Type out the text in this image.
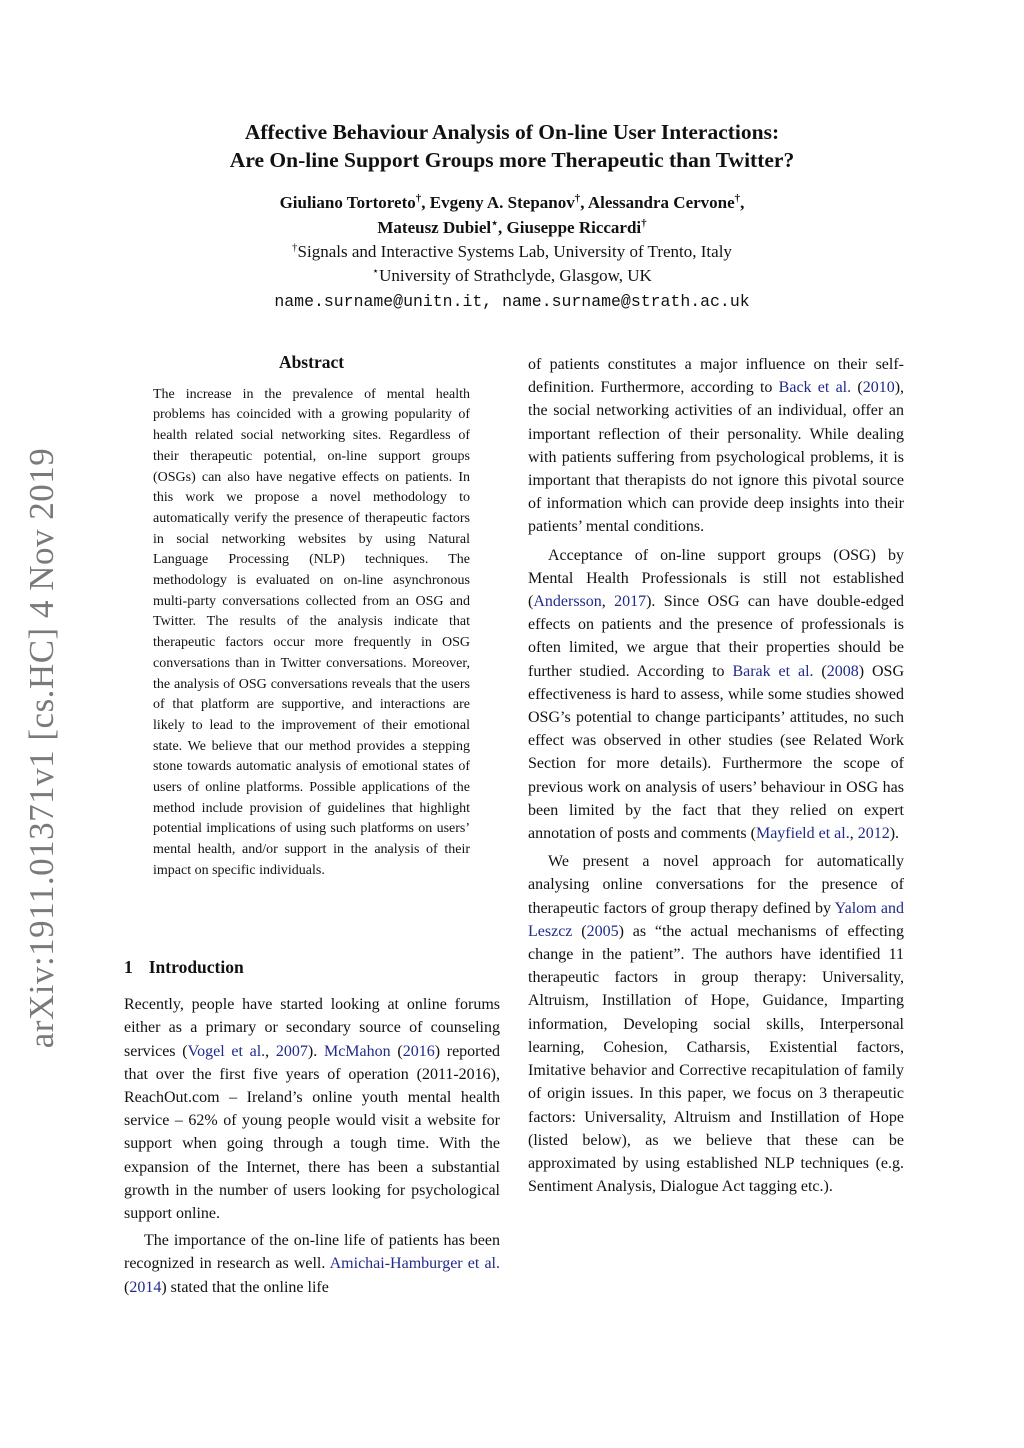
arXiv:1911.01371v1 [cs.HC] 4 Nov 2019
Affective Behaviour Analysis of On-line User Interactions:
Are On-line Support Groups more Therapeutic than Twitter?
Giuliano Tortoreto†, Evgeny A. Stepanov†, Alessandra Cervone†,
Mateusz Dubiel⋆, Giuseppe Riccardi†
†Signals and Interactive Systems Lab, University of Trento, Italy
⋆University of Strathclyde, Glasgow, UK
name.surname@unitn.it, name.surname@strath.ac.uk
Abstract

The increase in the prevalence of mental health problems has coincided with a growing popularity of health related social networking sites. Regardless of their therapeutic potential, on-line support groups (OSGs) can also have negative effects on patients. In this work we propose a novel methodology to automatically verify the presence of therapeutic factors in social networking websites by using Natural Language Processing (NLP) techniques. The methodology is evaluated on on-line asynchronous multi-party conversations collected from an OSG and Twitter. The results of the analysis indicate that therapeutic factors occur more frequently in OSG conversations than in Twitter conversations. Moreover, the analysis of OSG conversations reveals that the users of that platform are supportive, and interactions are likely to lead to the improvement of their emotional state. We believe that our method provides a stepping stone towards automatic analysis of emotional states of users of online platforms. Possible applications of the method include provision of guidelines that highlight potential implications of using such platforms on users’ mental health, and/or support in the analysis of their impact on specific individuals.

1 Introduction

Recently, people have started looking at online forums either as a primary or secondary source of counseling services (Vogel et al., 2007). McMahon (2016) reported that over the first five years of operation (2011-2016), ReachOut.com – Ireland’s online youth mental health service – 62% of young people would visit a website for support when going through a tough time. With the expansion of the Internet, there has been a substantial growth in the number of users looking for psychological support online.

The importance of the on-line life of patients has been recognized in research as well. Amichai-Hamburger et al. (2014) stated that the online life

of patients constitutes a major influence on their self-definition. Furthermore, according to Back et al. (2010), the social networking activities of an individual, offer an important reflection of their personality. While dealing with patients suffering from psychological problems, it is important that therapists do not ignore this pivotal source of information which can provide deep insights into their patients’ mental conditions.

Acceptance of on-line support groups (OSG) by Mental Health Professionals is still not established (Andersson, 2017). Since OSG can have double-edged effects on patients and the presence of professionals is often limited, we argue that their properties should be further studied. According to Barak et al. (2008) OSG effectiveness is hard to assess, while some studies showed OSG’s potential to change participants’ attitudes, no such effect was observed in other studies (see Related Work Section for more details). Furthermore the scope of previous work on analysis of users’ behaviour in OSG has been limited by the fact that they relied on expert annotation of posts and comments (Mayfield et al., 2012).

We present a novel approach for automatically analysing online conversations for the presence of therapeutic factors of group therapy defined by Yalom and Leszcz (2005) as “the actual mechanisms of effecting change in the patient”. The authors have identified 11 therapeutic factors in group therapy: Universality, Altruism, Instillation of Hope, Guidance, Imparting information, Developing social skills, Interpersonal learning, Cohesion, Catharsis, Existential factors, Imitative behavior and Corrective recapitulation of family of origin issues. In this paper, we focus on 3 therapeutic factors: Universality, Altruism and Instillation of Hope (listed below), as we believe that these can be approximated by using established NLP techniques (e.g. Sentiment Analysis, Dialogue Act tagging etc.).
